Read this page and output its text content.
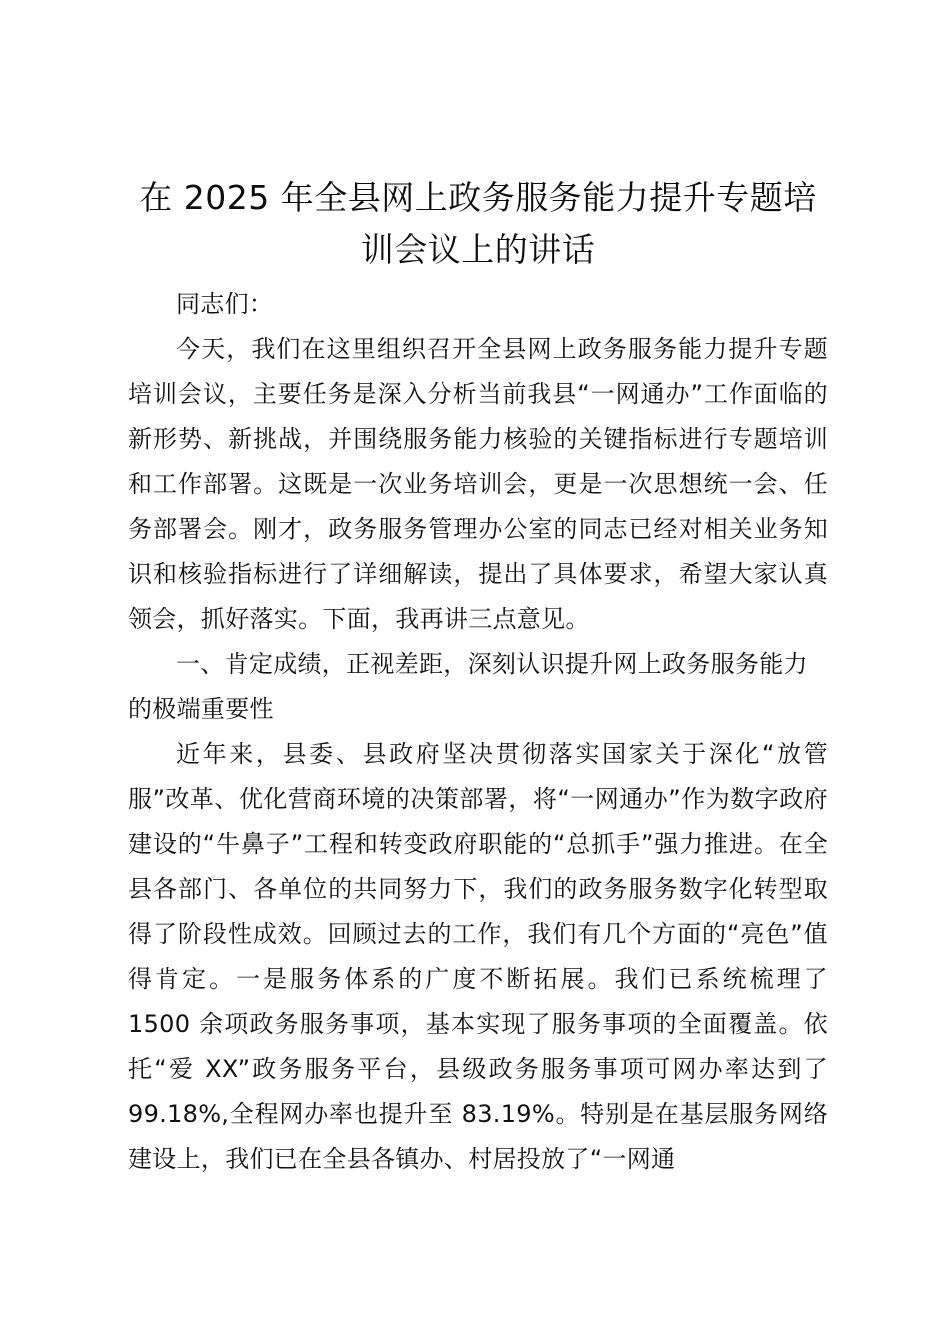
在 2025 年全县网上政务服务能力提升专题培训会议上的讲话

同志们：

今天，我们在这里组织召开全县网上政务服务能力提升专题培训会议，主要任务是深入分析当前我县“一网通办”工作面临的新形势、新挑战，并围绕服务能力核验的关键指标进行专题培训和工作部署。这既是一次业务培训会，更是一次思想统一会、任务部署会。刚才，政务服务管理办公室的同志已经对相关业务知识和核验指标进行了详细解读，提出了具体要求，希望大家认真领会，抓好落实。下面，我再讲三点意见。

一、肯定成绩，正视差距，深刻认识提升网上政务服务能力的极端重要性

近年来，县委、县政府坚决贯彻落实国家关于深化“放管服”改革、优化营商环境的决策部署，将“一网通办”作为数字政府建设的“牛鼻子”工程和转变政府职能的“总抓手”强力推进。在全县各部门、各单位的共同努力下，我们的政务服务数字化转型取得了阶段性成效。回顾过去的工作，我们有几个方面的“亮色”值得肯定。一是服务体系的广度不断拓展。我们已系统梳理了 1500 余项政务服务事项，基本实现了服务事项的全面覆盖。依托“爱 XX”政务服务平台，县级政务服务事项可网办率达到了 99.18%,全程网办率也提升至 83.19%。特别是在基层服务网络建设上，我们已在全县各镇办、村居投放了“一网通
